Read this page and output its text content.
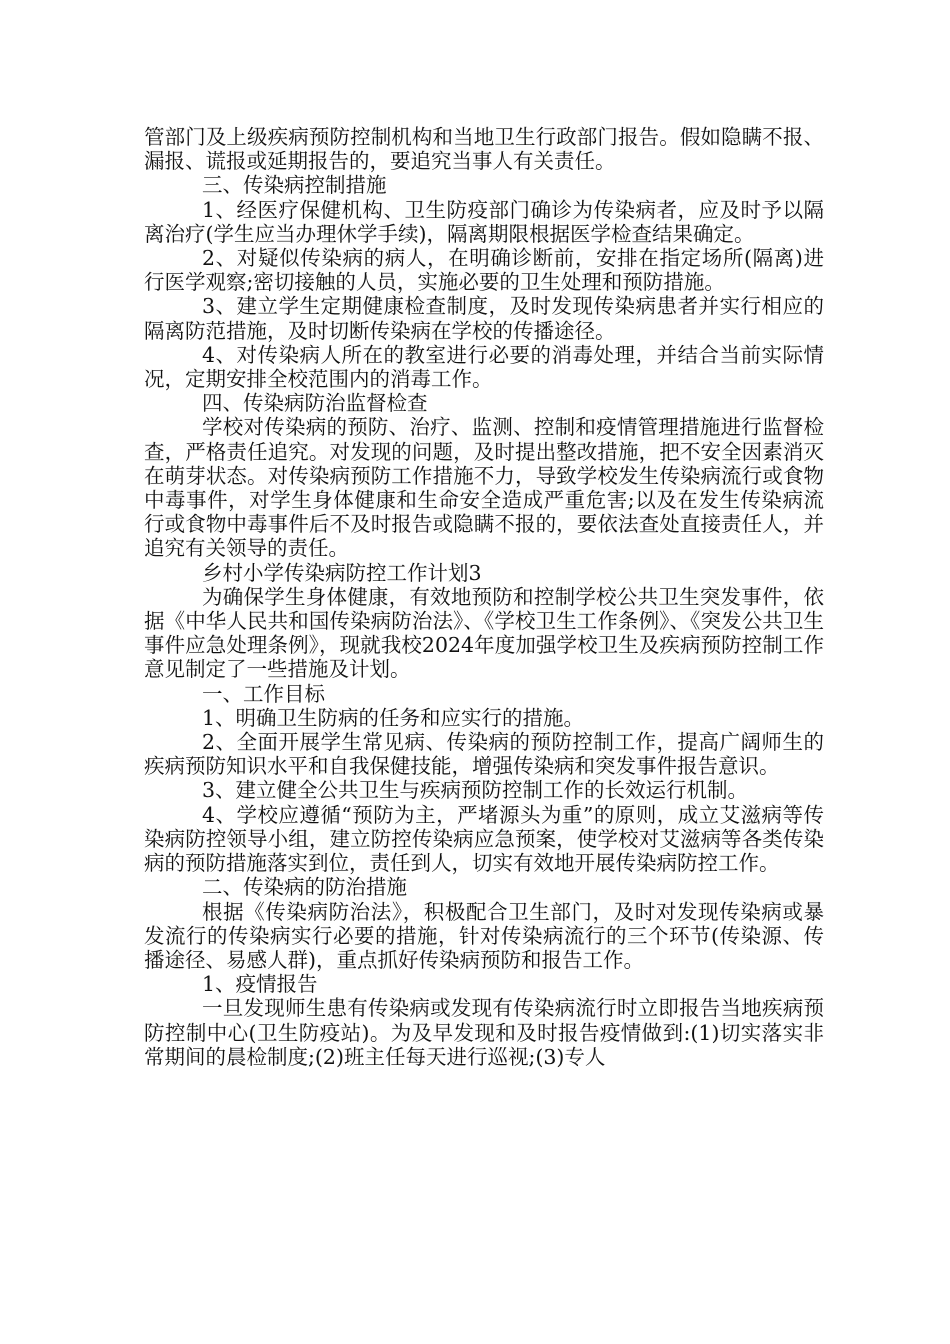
管部门及上级疾病预防控制机构和当地卫生行政部门报告。假如隐瞒不报、漏报、谎报或延期报告的，要追究当事人有关责任。

三、传染病控制措施

1、经医疗保健机构、卫生防疫部门确诊为传染病者，应及时予以隔离治疗(学生应当办理休学手续)，隔离期限根据医学检查结果确定。

2、对疑似传染病的病人，在明确诊断前，安排在指定场所(隔离)进行医学观察;密切接触的人员，实施必要的卫生处理和预防措施。

3、建立学生定期健康检查制度，及时发现传染病患者并实行相应的隔离防范措施，及时切断传染病在学校的传播途径。

4、对传染病人所在的教室进行必要的消毒处理，并结合当前实际情况，定期安排全校范围内的消毒工作。

四、传染病防治监督检查

学校对传染病的预防、治疗、监测、控制和疫情管理措施进行监督检查，严格责任追究。对发现的问题，及时提出整改措施，把不安全因素消灭在萌芽状态。对传染病预防工作措施不力，导致学校发生传染病流行或食物中毒事件，对学生身体健康和生命安全造成严重危害;以及在发生传染病流行或食物中毒事件后不及时报告或隐瞒不报的，要依法查处直接责任人，并追究有关领导的责任。

乡村小学传染病防控工作计划3

为确保学生身体健康，有效地预防和控制学校公共卫生突发事件，依据《中华人民共和国传染病防治法》、《学校卫生工作条例》、《突发公共卫生事件应急处理条例》，现就我校2024年度加强学校卫生及疾病预防控制工作意见制定了一些措施及计划。

一、工作目标

1、明确卫生防病的任务和应实行的措施。

2、全面开展学生常见病、传染病的预防控制工作，提高广阔师生的疾病预防知识水平和自我保健技能，增强传染病和突发事件报告意识。

3、建立健全公共卫生与疾病预防控制工作的长效运行机制。

4、学校应遵循“预防为主，严堵源头为重”的原则，成立艾滋病等传染病防控领导小组，建立防控传染病应急预案，使学校对艾滋病等各类传染病的预防措施落实到位，责任到人，切实有效地开展传染病防控工作。

二、传染病的防治措施

根据《传染病防治法》，积极配合卫生部门，及时对发现传染病或暴发流行的传染病实行必要的措施，针对传染病流行的三个环节(传染源、传播途径、易感人群)，重点抓好传染病预防和报告工作。

1、疫情报告

一旦发现师生患有传染病或发现有传染病流行时立即报告当地疾病预防控制中心(卫生防疫站)。为及早发现和及时报告疫情做到:(1)切实落实非常期间的晨检制度;(2)班主任每天进行巡视;(3)专人
